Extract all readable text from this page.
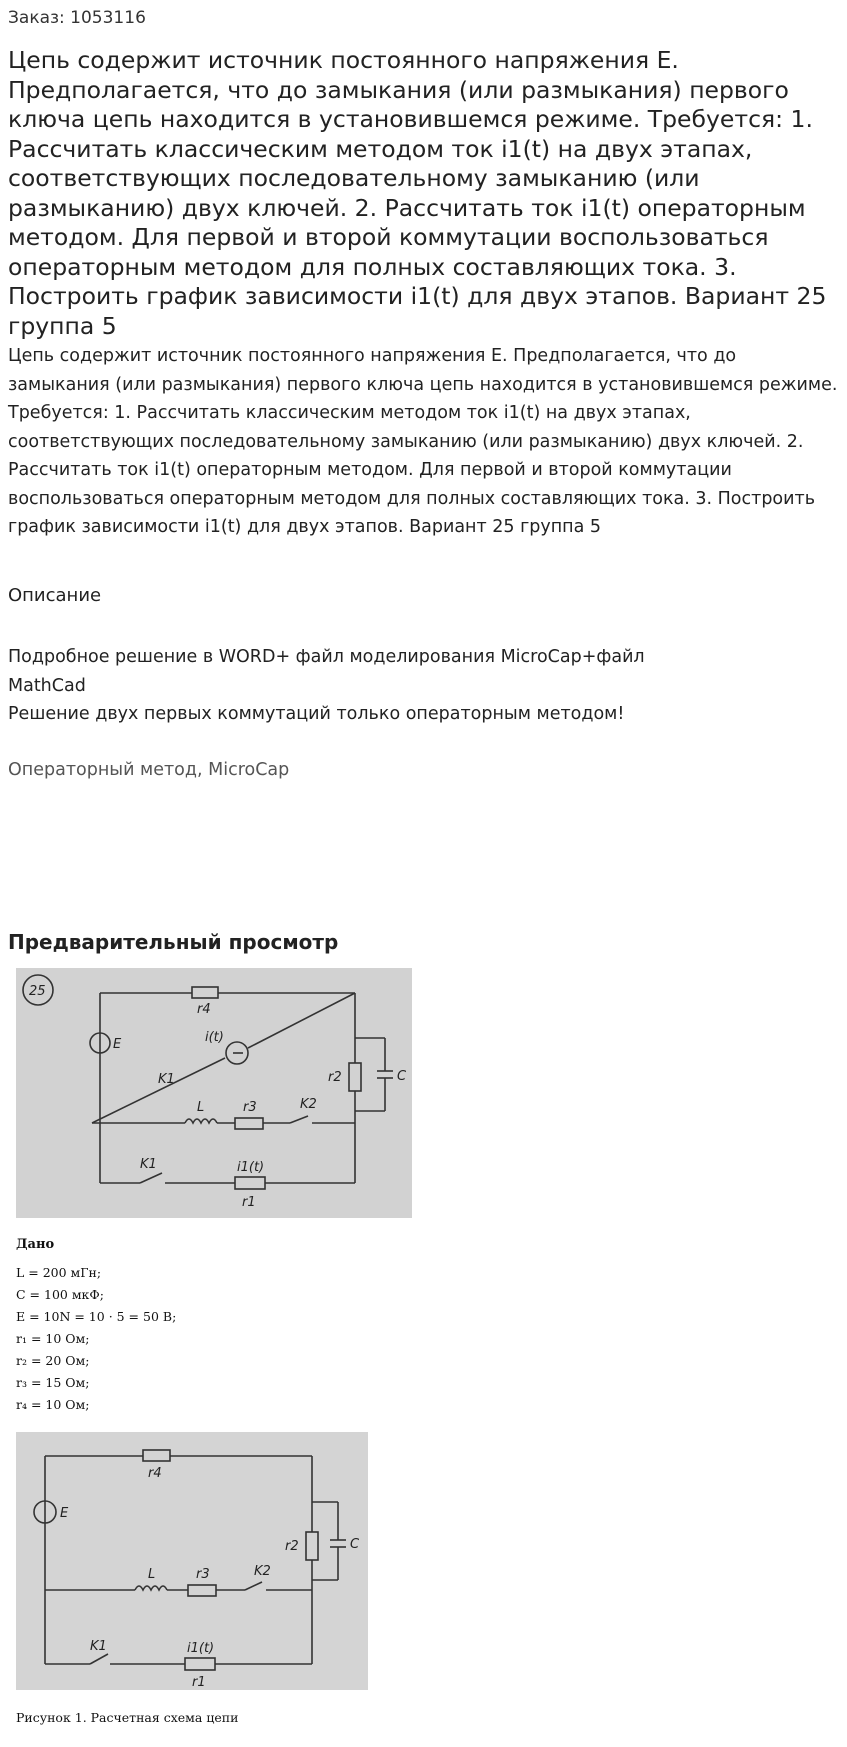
Заказ: 1053116
Цепь содержит источник постоянного напряжения Е. Предполагается, что до замыкания (или размыкания) первого ключа цепь находится в установившемся режиме. Требуется: 1. Рассчитать классическим методом ток i1(t) на двух этапах, соответствующих последовательному замыканию (или размыканию) двух ключей. 2. Рассчитать ток i1(t) операторным методом. Для первой и второй коммутации воспользоваться операторным методом для полных составляющих тока. 3. Построить график зависимости i1(t) для двух этапов. Вариант 25 группа 5

Цепь содержит источник постоянного напряжения Е. Предполагается, что до замыкания (или размыкания) первого ключа цепь находится в установившемся режиме. Требуется: 1. Рассчитать классическим методом ток i1(t) на двух этапах, соответствующих последовательному замыканию (или размыканию) двух ключей. 2. Рассчитать ток i1(t) операторным методом. Для первой и второй коммутации воспользоваться операторным методом для полных составляющих тока. 3. Построить график зависимости i1(t) для двух этапов. Вариант 25 группа 5

Описание
Подробное решение в WORD+ файл моделирования MicroCap+файл
MathCad
Решение двух первых коммутаций только операторным методом!
Операторный метод, MicroCap
Предварительный просмотр
25
E
r4
i(t)
K1
L	r3	K2
r2	C
K1	i1(t)
r1
Дано
L = 200 мГн;
C = 100 мкФ;
E = 10N = 10 · 5 = 50 В;
r₁ = 10 Ом;
r₂ = 20 Ом;
r₃ = 15 Ом;
r₄ = 10 Ом;
E
r4
L	r3	K2
r2	C
K1	i1(t)
r1
Рисунок 1. Расчетная схема цепи
